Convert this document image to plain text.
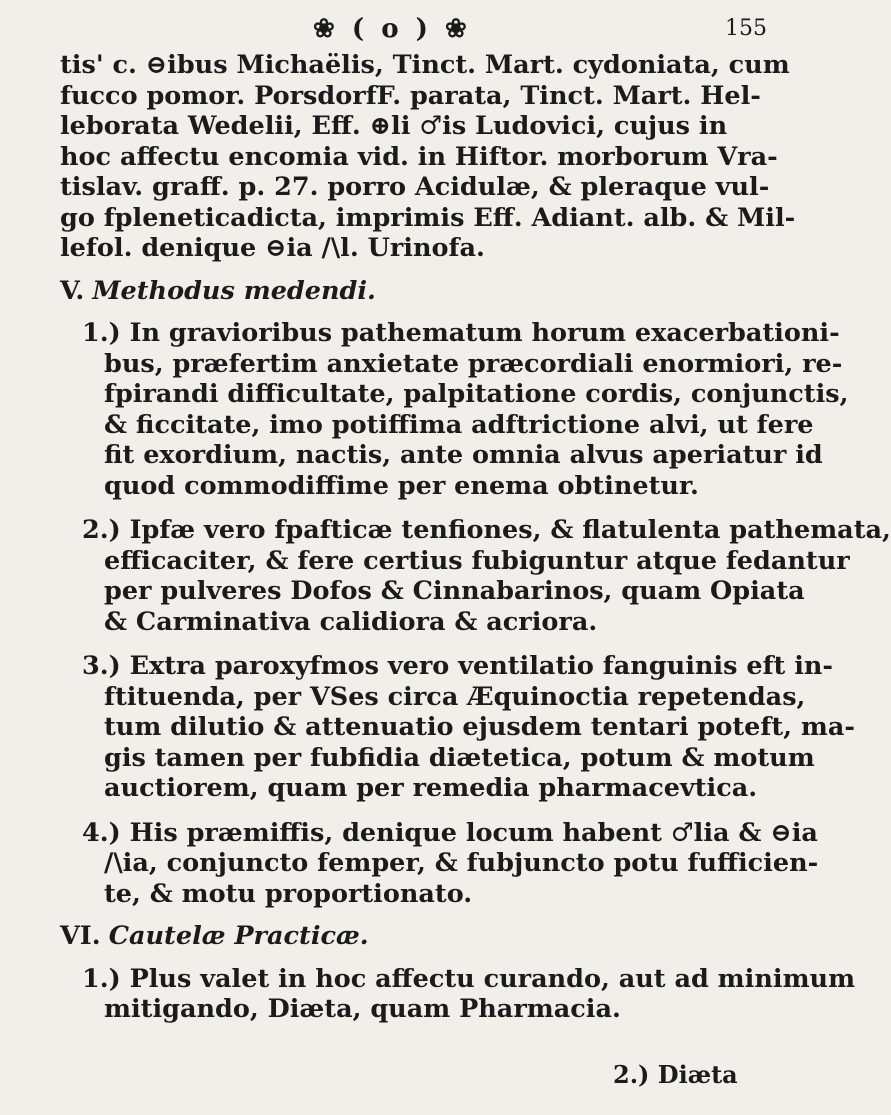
❀ ( o ) ❀	155
tis' c. ⊖ibus Michaëlis, Tinct. Mart. cydoniata, cum
fucco pomor. PorsdorfF. parata, Tinct. Mart. Hel-
leborata Wedelii, Eff. ⊕li ♂is Ludovici, cujus in
hoc affectu encomia vid. in Hiftor. morborum Vra-
tislav. graff. p. 27. porro Acidulæ, & pleraque vul-
go fpleneticadicta, imprimis Eff. Adiant. alb. & Mil-
lefol. denique ⊖ia ∕\l. Urinofa.
V. Methodus medendi.
1.) In gravioribus pathematum horum exacerbationi-
bus, præfertim anxietate præcordiali enormiori, re-
fpirandi difficultate, palpitatione cordis, conjunctis,
& ficcitate, imo potiffima adftrictione alvi, ut fere
fit exordium, nactis, ante omnia alvus aperiatur id
quod commodiffime per enema obtinetur.
2.) Ipfæ vero fpafticæ tenfiones, & flatulenta pathemata,
efficaciter, & fere certius fubiguntur atque fedantur
per pulveres Dofos & Cinnabarinos, quam Opiata
& Carminativa calidiora & acriora.
3.) Extra paroxyfmos vero ventilatio fanguinis eft in-
ftituenda, per VSes circa Æquinoctia repetendas,
tum dilutio & attenuatio ejusdem tentari poteft, ma-
gis tamen per fubfidia diætetica, potum & motum
auctiorem, quam per remedia pharmacevtica.
4.) His præmiffis, denique locum habent ♂lia & ⊖ia
∕\ia, conjuncto femper, & fubjuncto potu fufficien-
te, & motu proportionato.
VI. Cautelæ Practicæ.
1.) Plus valet in hoc affectu curando, aut ad minimum
mitigando, Diæta, quam Pharmacia.
2.) Diæta
